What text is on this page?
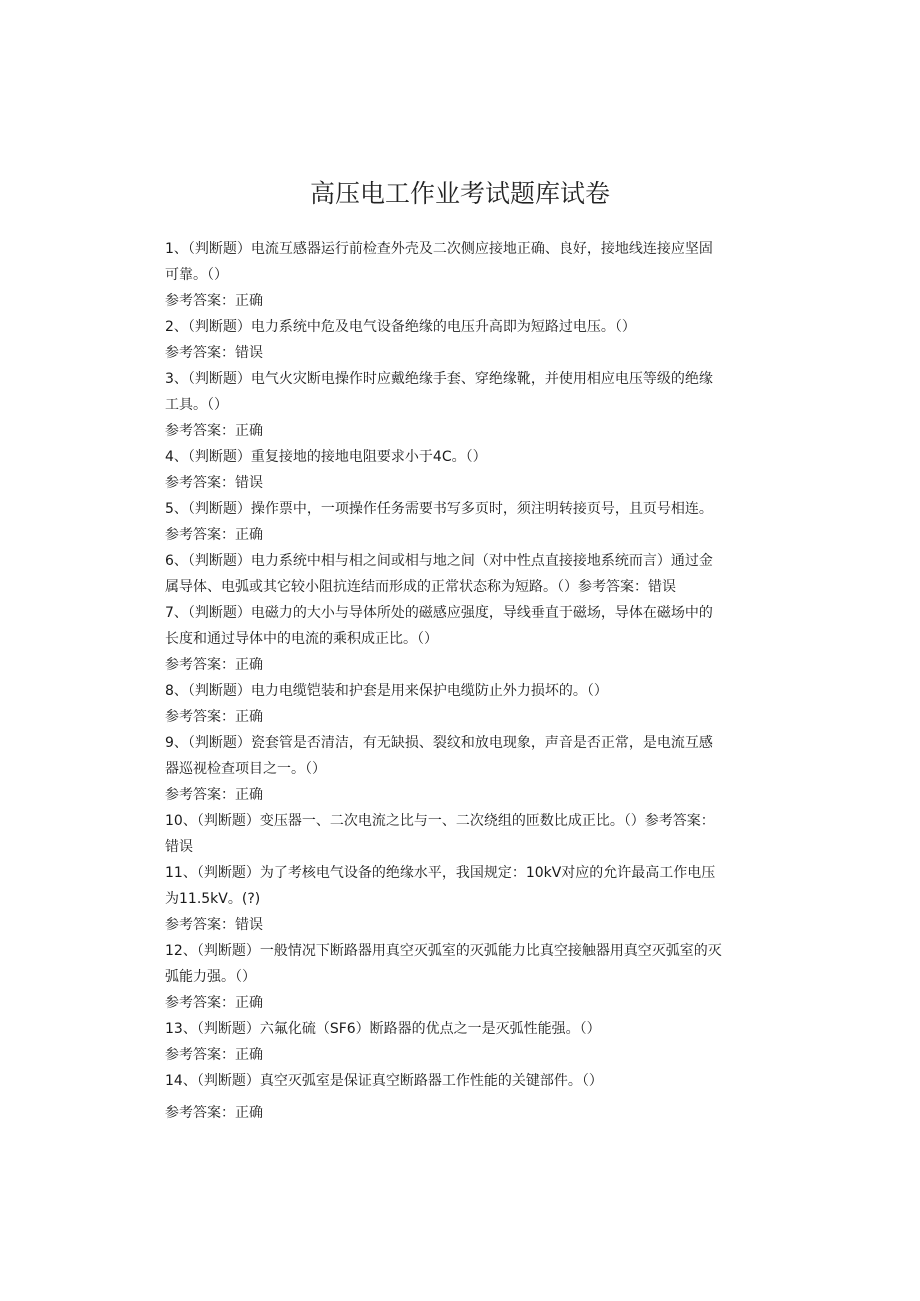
高压电工作业考试题库试卷
1、（判断题）电流互感器运行前检查外壳及二次侧应接地正确、良好，接地线连接应坚固
可靠。（）
参考答案：正确
2、（判断题）电力系统中危及电气设备绝缘的电压升高即为短路过电压。（）
参考答案：错误
3、（判断题）电气火灾断电操作时应戴绝缘手套、穿绝缘靴，并使用相应电压等级的绝缘
工具。（）
参考答案：正确
4、（判断题）重复接地的接地电阻要求小于4C。（）
参考答案：错误
5、（判断题）操作票中，一项操作任务需要书写多页时，须注明转接页号，且页号相连。
参考答案：正确
6、（判断题）电力系统中相与相之间或相与地之间（对中性点直接接地系统而言）通过金
属导体、电弧或其它较小阻抗连结而形成的正常状态称为短路。（）参考答案：错误
7、（判断题）电磁力的大小与导体所处的磁感应强度，导线垂直于磁场，导体在磁场中的
长度和通过导体中的电流的乘积成正比。（）
参考答案：正确
8、（判断题）电力电缆铠装和护套是用来保护电缆防止外力损坏的。（）
参考答案：正确
9、（判断题）瓷套管是否清洁，有无缺损、裂纹和放电现象，声音是否正常，是电流互感
器巡视检查项目之一。（）
参考答案：正确
10、（判断题）变压器一、二次电流之比与一、二次绕组的匝数比成正比。（）参考答案：
错误
11、（判断题）为了考核电气设备的绝缘水平，我国规定：10kV对应的允许最高工作电压
为11.5kV。(?)
参考答案：错误
12、（判断题）一般情况下断路器用真空灭弧室的灭弧能力比真空接触器用真空灭弧室的灭
弧能力强。（）
参考答案：正确
13、（判断题）六氟化硫（SF6）断路器的优点之一是灭弧性能强。（）
参考答案：正确
14、（判断题）真空灭弧室是保证真空断路器工作性能的关键部件。（）
参考答案：正确
